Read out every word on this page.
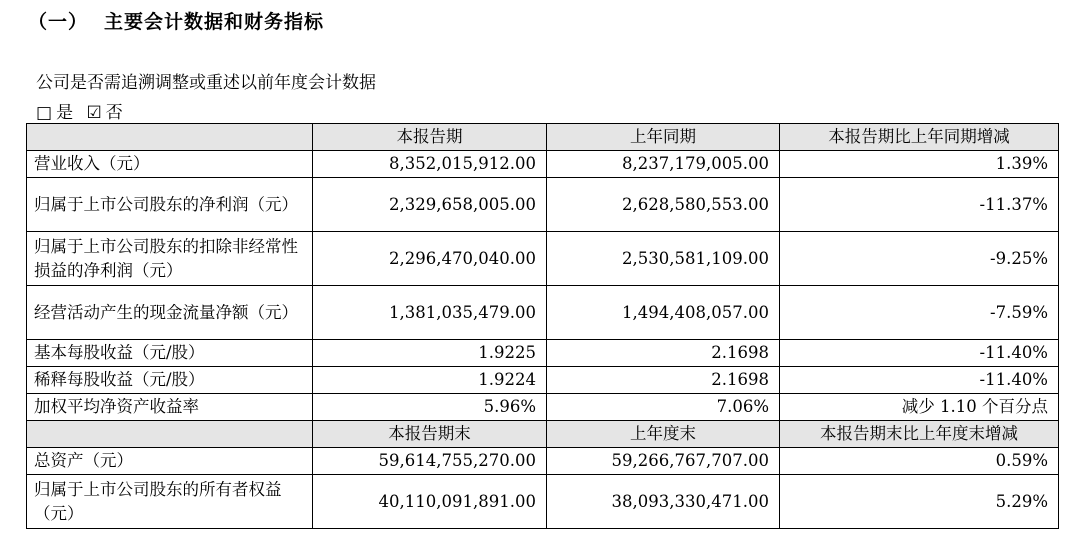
（一） 主要会计数据和财务指标
公司是否需追溯调整或重述以前年度会计数据
□ 是 ☑ 否
	本报告期	上年同期	本报告期比上年同期增减
营业收入（元）	8,352,015,912.00	8,237,179,005.00	1.39%
归属于上市公司股东的净利润（元）	2,329,658,005.00	2,628,580,553.00	-11.37%
归属于上市公司股东的扣除非经常性损益的净利润（元）	2,296,470,040.00	2,530,581,109.00	-9.25%
经营活动产生的现金流量净额（元）	1,381,035,479.00	1,494,408,057.00	-7.59%
基本每股收益（元/股）	1.9225	2.1698	-11.40%
稀释每股收益（元/股）	1.9224	2.1698	-11.40%
加权平均净资产收益率	5.96%	7.06%	减少 1.10 个百分点
	本报告期末	上年度末	本报告期末比上年度末增减
总资产（元）	59,614,755,270.00	59,266,767,707.00	0.59%
归属于上市公司股东的所有者权益（元）	40,110,091,891.00	38,093,330,471.00	5.29%
